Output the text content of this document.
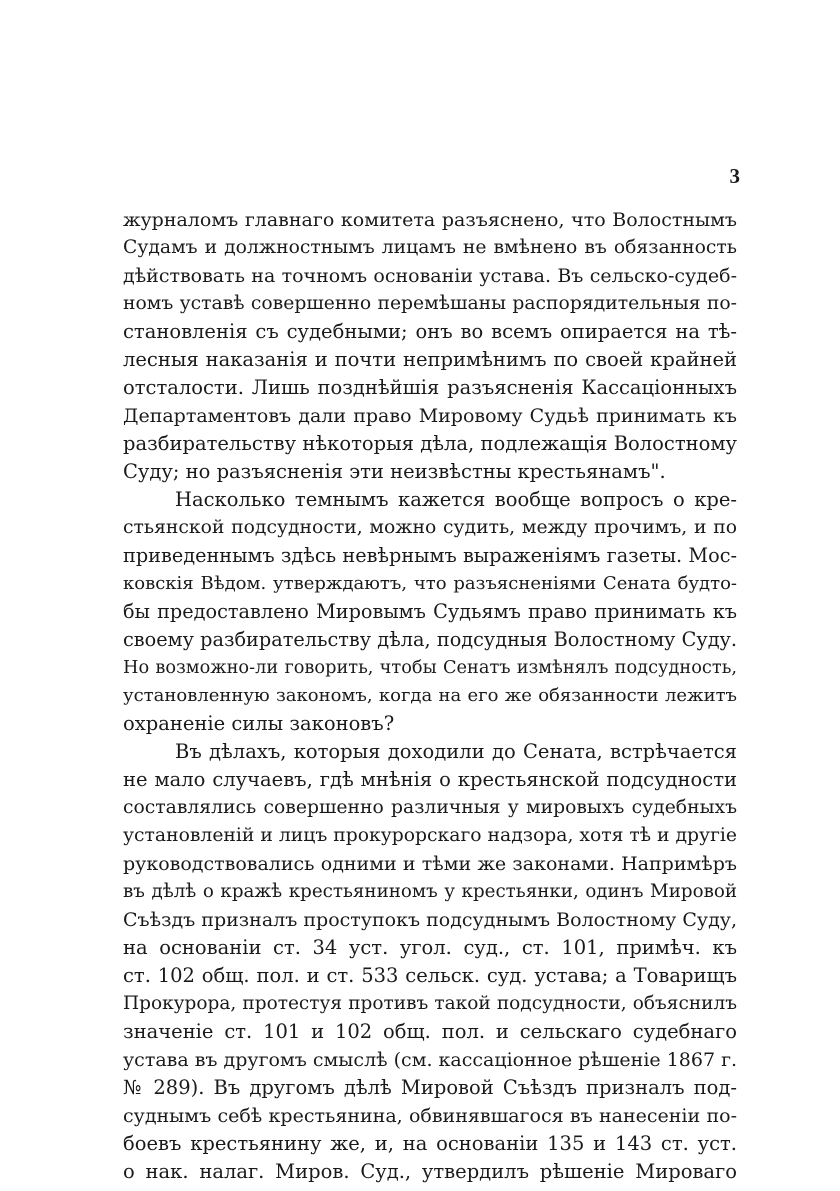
3
журналомъ главнаго комитета разъяснено, что Волостнымъ
Судамъ и должностнымъ лицамъ не вмѣнено въ обязанность
дѣйствовать на точномъ основаніи устава. Въ сельско-судеб-
номъ уставѣ совершенно перемѣшаны распорядительныя по-
становленія съ судебными; онъ во всемъ опирается на тѣ-
лесныя наказанія и почти непримѣнимъ по своей крайней
отсталости. Лишь позднѣйшія разъясненія Кассаціонныхъ
Департаментовъ дали право Мировому Судьѣ принимать къ
разбирательству нѣкоторыя дѣла, подлежащія Волостному
Суду; но разъясненія эти неизвѣстны крестьянамъ".
Насколько темнымъ кажется вообще вопросъ о кре-
стьянской подсудности, можно судить, между прочимъ, и по
приведеннымъ здѣсь невѣрнымъ выраженіямъ газеты. Мос-
ковскія Вѣдом. утверждаютъ, что разъясненіями Сената будто-
бы предоставлено Мировымъ Судьямъ право принимать къ
своему разбирательству дѣла, подсудныя Волостному Суду.
Но возможно-ли говорить, чтобы Сенатъ измѣнялъ подсудность,
установленную закономъ, когда на его же обязанности лежитъ
охраненіе силы законовъ?
Въ дѣлахъ, которыя доходили до Сената, встрѣчается
не мало случаевъ, гдѣ мнѣнія о крестьянской подсудности
составлялись совершенно различныя у мировыхъ судебныхъ
установленій и лицъ прокурорскаго надзора, хотя тѣ и другіе
руководствовались одними и тѣми же законами. Напримѣръ
въ дѣлѣ о кражѣ крестьяниномъ у крестьянки, одинъ Мировой
Съѣздъ призналъ проступокъ подсуднымъ Волостному Суду,
на основаніи ст. 34 уст. угол. суд., ст. 101, примѣч. къ
ст. 102 общ. пол. и ст. 533 сельск. суд. устава; а Товарищъ
Прокурора, протестуя противъ такой подсудности, объяснилъ
значеніе ст. 101 и 102 общ. пол. и сельскаго судебнаго
устава въ другомъ смыслѣ (см. кассаціонное рѣшеніе 1867 г.
№ 289). Въ другомъ дѣлѣ Мировой Съѣздъ призналъ под-
суднымъ себѣ крестьянина, обвинявшагося въ нанесеніи по-
боевъ крестьянину же, и, на основаніи 135 и 143 ст. уст.
о нак. налаг. Миров. Суд., утвердилъ рѣшеніе Мироваго
